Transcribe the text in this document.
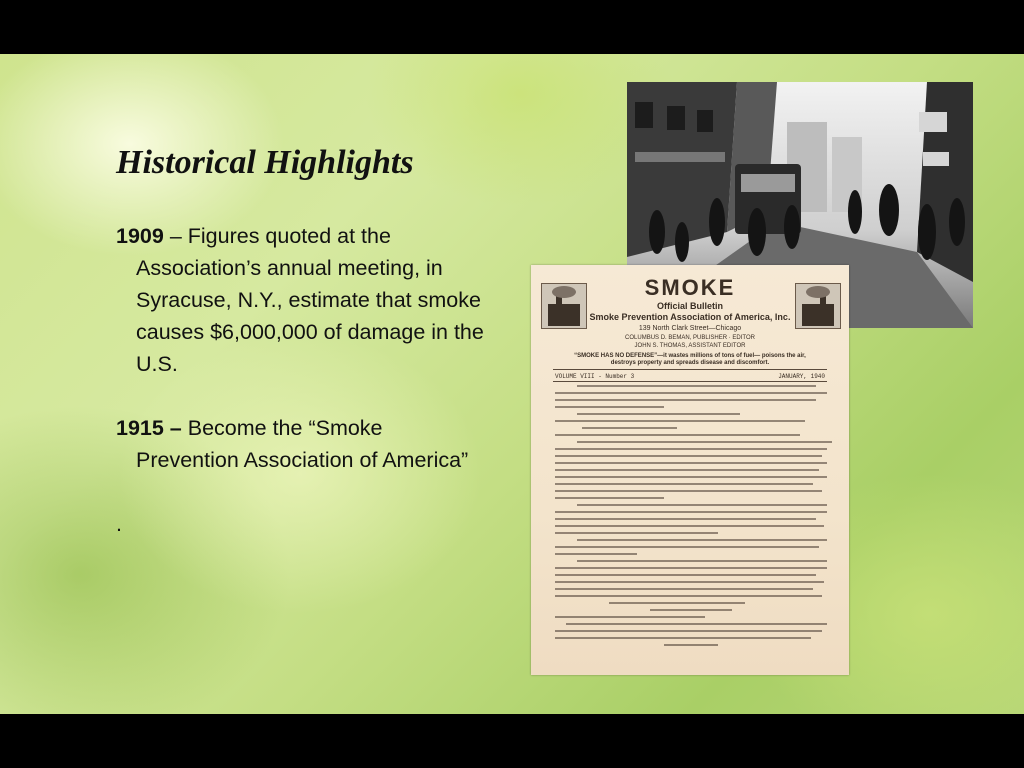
Historical Highlights

1909 – Figures quoted at the Association’s annual meeting, in Syracuse, N.Y., estimate that smoke causes $6,000,000 of damage in the U.S.

1915 – Become the “Smoke Prevention Association of America”

.

SMOKE
Official Bulletin
Smoke Prevention Association of America, Inc.
139 North Clark Street—Chicago
COLUMBUS D. BEMAN, PUBLISHER · EDITOR
JOHN S. THOMAS, ASSISTANT EDITOR
“SMOKE HAS NO DEFENSE”—it wastes millions of tons of fuel— poisons the air, destroys property and spreads disease and discomfort.
VOLUME VIII - Number 3	JANUARY, 1940
